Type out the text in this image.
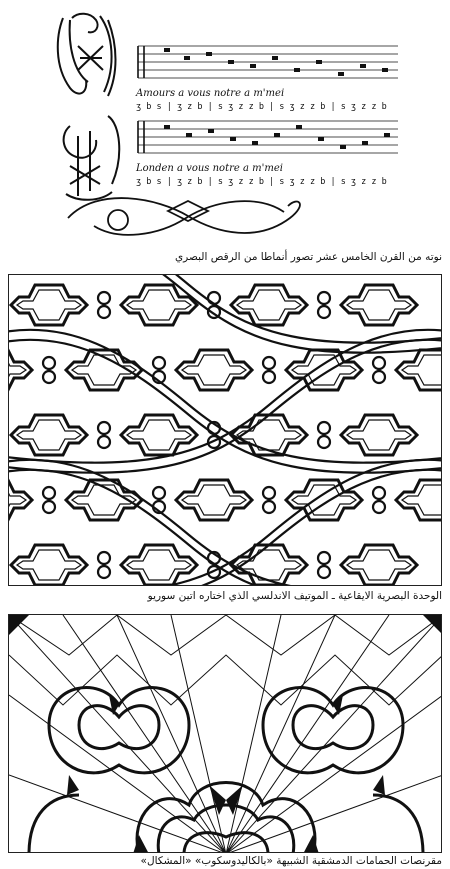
Amours a vous notre a m'mei
ʒ b s | ʒ z b | s ʒ z z b | s ʒ z z b | s ʒ z z b
Londen a vous notre a m'mei
ʒ b s | ʒ z b | s ʒ z z b | s ʒ z z b | s ʒ z z b
نوته من القرن الخامس عشر تصور أنماطا من الرقص البصري
الوحدة البصرية الايقاعية ـ الموتيف الاندلسي الذي اختاره اتين سوريو
مقرنصات الحمامات الدمشقية الشبيهة «بالكاليدوسكوب» «المشكال»
